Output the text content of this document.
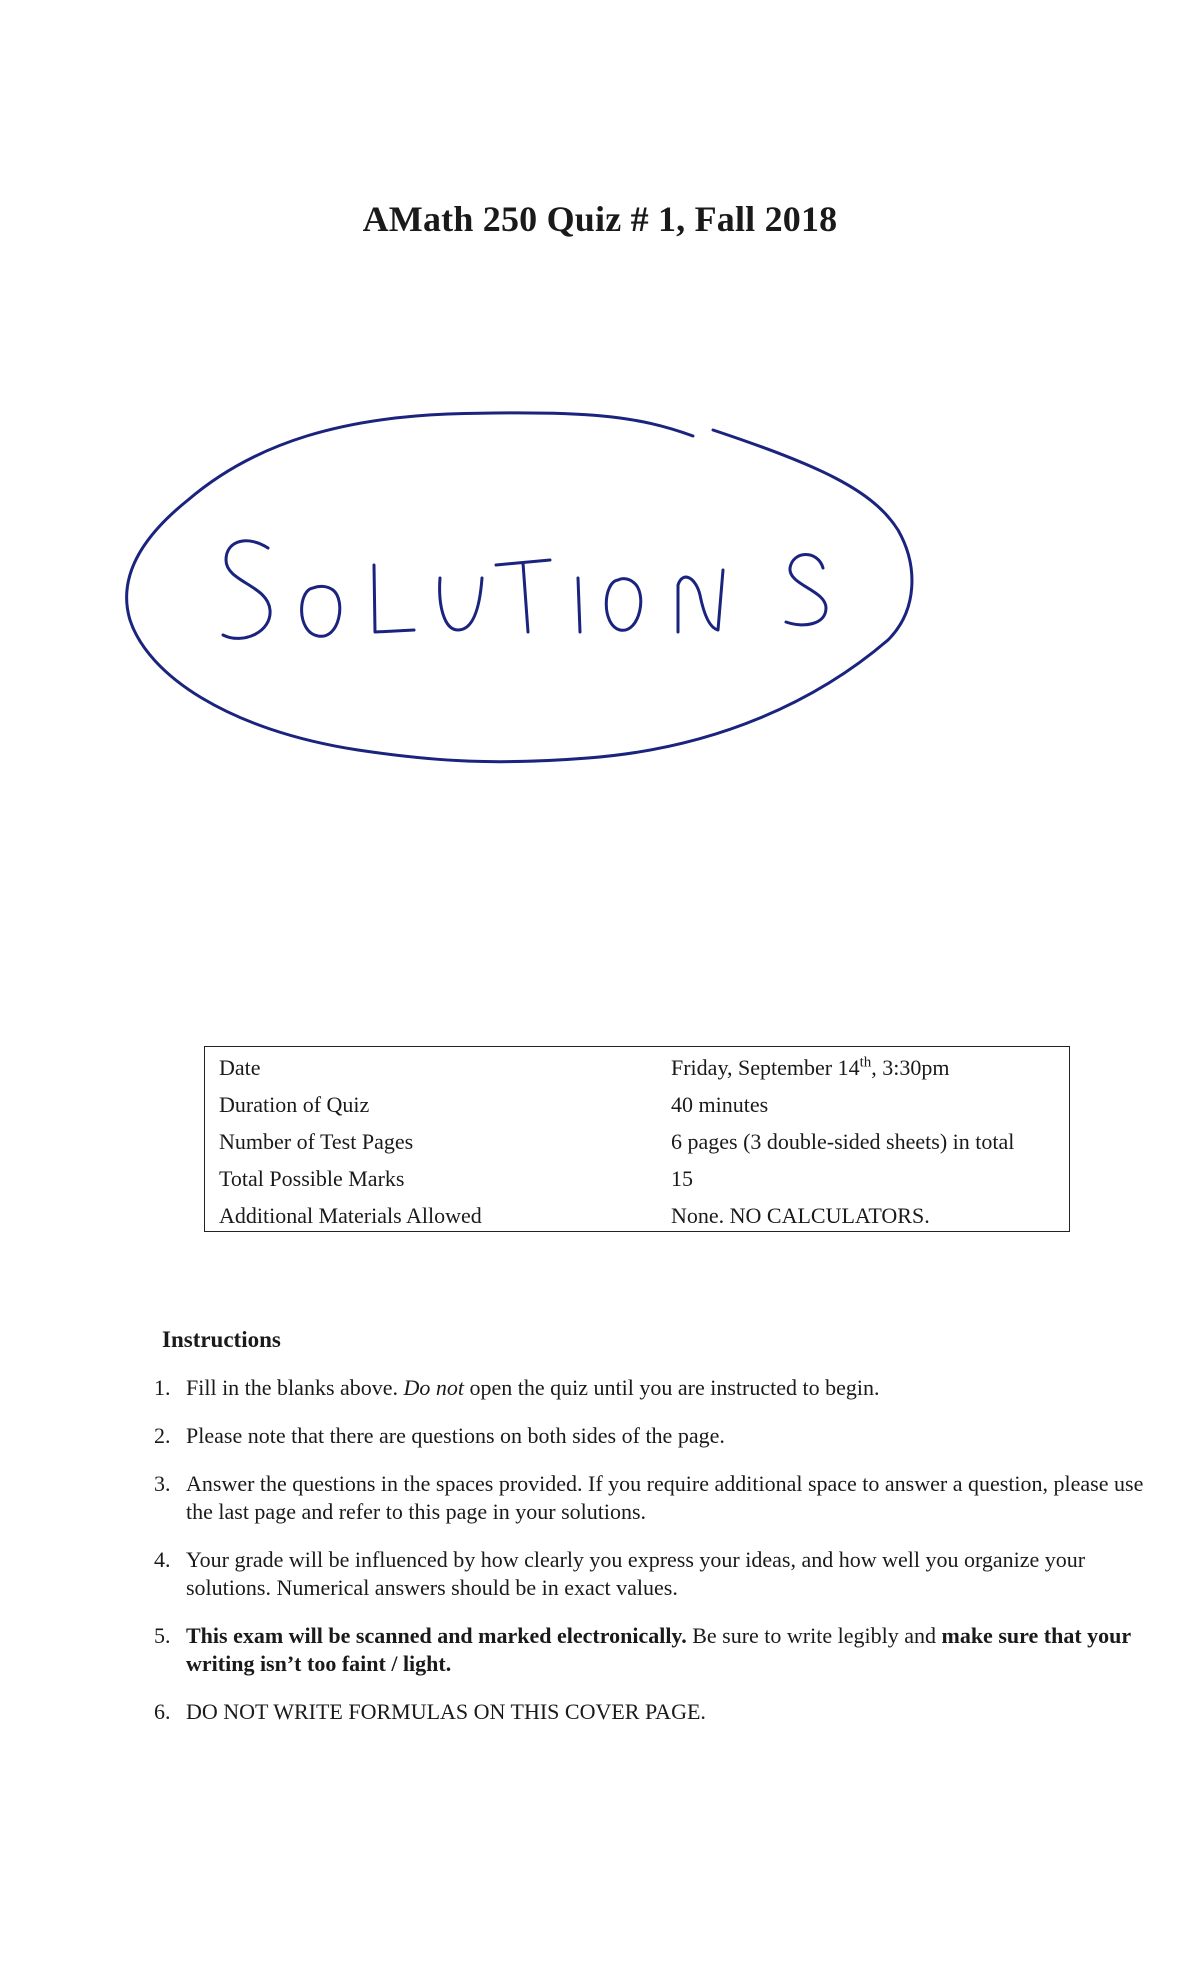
AMath 250 Quiz # 1, Fall 2018
Date	Friday, September 14th, 3:30pm
Duration of Quiz	40 minutes
Number of Test Pages	6 pages (3 double-sided sheets) in total
Total Possible Marks	15
Additional Materials Allowed	None. NO CALCULATORS.
Instructions
1. Fill in the blanks above. Do not open the quiz until you are instructed to begin.
2. Please note that there are questions on both sides of the page.
3. Answer the questions in the spaces provided. If you require additional space to answer a question, please use the last page and refer to this page in your solutions.
4. Your grade will be influenced by how clearly you express your ideas, and how well you organize your solutions. Numerical answers should be in exact values.
5. This exam will be scanned and marked electronically. Be sure to write legibly and make sure that your writing isn’t too faint / light.
6. DO NOT WRITE FORMULAS ON THIS COVER PAGE.
